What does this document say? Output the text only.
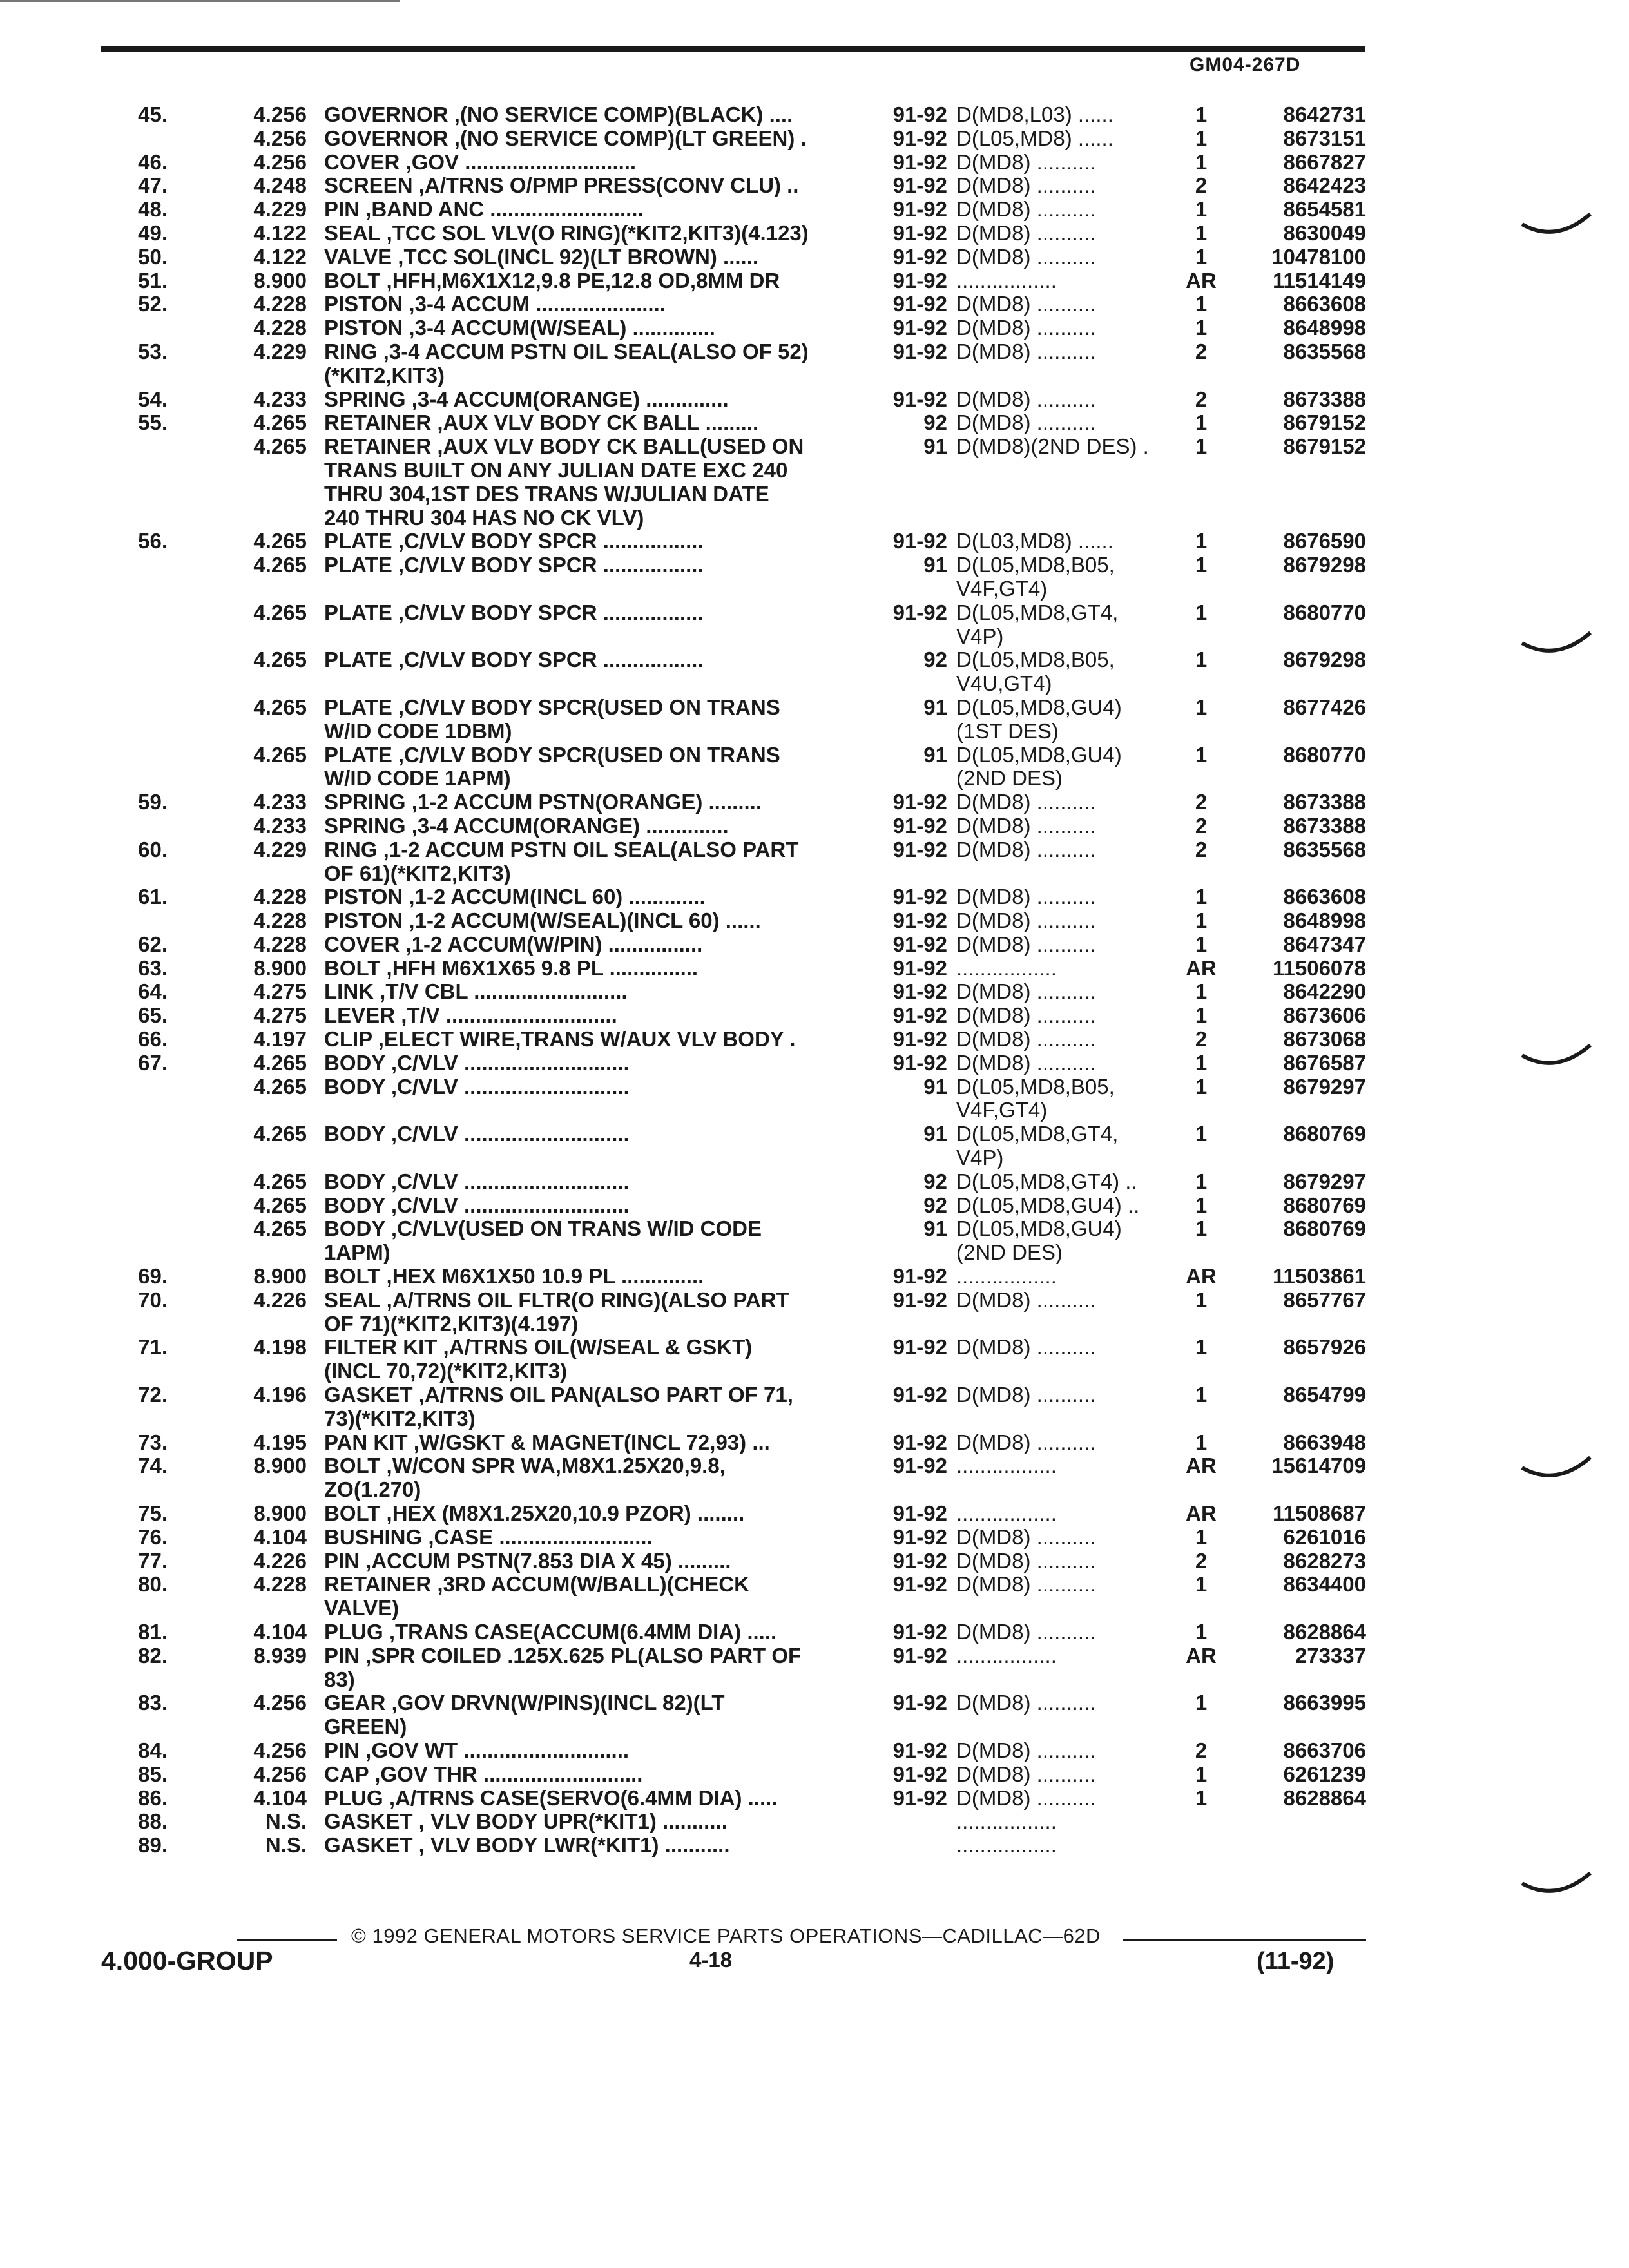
GM04-267D
45.	4.256 GOVERNOR ,(NO SERVICE COMP)(BLACK) ....	91-92 D(MD8,L03) ......	1	8642731
4.256 GOVERNOR ,(NO SERVICE COMP)(LT GREEN) .	91-92 D(L05,MD8) ......	1	8673151
46.	4.256 COVER ,GOV .............................	91-92 D(MD8) ..........	1	8667827
47.	4.248 SCREEN ,A/TRNS O/PMP PRESS(CONV CLU) ..	91-92 D(MD8) ..........	2	8642423
48.	4.229 PIN ,BAND ANC ..........................	91-92 D(MD8) ..........	1	8654581
49.	4.122 SEAL ,TCC SOL VLV(O RING)(*KIT2,KIT3)(4.123)	91-92 D(MD8) ..........	1	8630049
50.	4.122 VALVE ,TCC SOL(INCL 92)(LT BROWN) ......	91-92 D(MD8) ..........	1	10478100
51.	8.900 BOLT ,HFH,M6X1X12,9.8 PE,12.8 OD,8MM DR	91-92 .................	AR	11514149
52.	4.228 PISTON ,3-4 ACCUM ......................	91-92 D(MD8) ..........	1	8663608
4.228 PISTON ,3-4 ACCUM(W/SEAL) ..............	91-92 D(MD8) ..........	1	8648998
53.	4.229 RING ,3-4 ACCUM PSTN OIL SEAL(ALSO OF 52)	91-92 D(MD8) ..........	2	8635568
(*KIT2,KIT3)
54.	4.233 SPRING ,3-4 ACCUM(ORANGE) ..............	91-92 D(MD8) ..........	2	8673388
55.	4.265 RETAINER ,AUX VLV BODY CK BALL .........	92 D(MD8) ..........	1	8679152
4.265 RETAINER ,AUX VLV BODY CK BALL(USED ON	91 D(MD8)(2ND DES) .	1	8679152
TRANS BUILT ON ANY JULIAN DATE EXC 240
THRU 304,1ST DES TRANS W/JULIAN DATE
240 THRU 304 HAS NO CK VLV)
56.	4.265 PLATE ,C/VLV BODY SPCR .................	91-92 D(L03,MD8) ......	1	8676590
4.265 PLATE ,C/VLV BODY SPCR .................	91 D(L05,MD8,B05,	1	8679298
V4F,GT4)
4.265 PLATE ,C/VLV BODY SPCR .................	91-92 D(L05,MD8,GT4,	1	8680770
V4P)
4.265 PLATE ,C/VLV BODY SPCR .................	92 D(L05,MD8,B05,	1	8679298
V4U,GT4)
4.265 PLATE ,C/VLV BODY SPCR(USED ON TRANS	91 D(L05,MD8,GU4)	1	8677426
W/ID CODE 1DBM)	(1ST DES)
4.265 PLATE ,C/VLV BODY SPCR(USED ON TRANS	91 D(L05,MD8,GU4)	1	8680770
W/ID CODE 1APM)	(2ND DES)
59.	4.233 SPRING ,1-2 ACCUM PSTN(ORANGE) .........	91-92 D(MD8) ..........	2	8673388
4.233 SPRING ,3-4 ACCUM(ORANGE) ..............	91-92 D(MD8) ..........	2	8673388
60.	4.229 RING ,1-2 ACCUM PSTN OIL SEAL(ALSO PART	91-92 D(MD8) ..........	2	8635568
OF 61)(*KIT2,KIT3)
61.	4.228 PISTON ,1-2 ACCUM(INCL 60) .............	91-92 D(MD8) ..........	1	8663608
4.228 PISTON ,1-2 ACCUM(W/SEAL)(INCL 60) ......	91-92 D(MD8) ..........	1	8648998
62.	4.228 COVER ,1-2 ACCUM(W/PIN) ................	91-92 D(MD8) ..........	1	8647347
63.	8.900 BOLT ,HFH M6X1X65 9.8 PL ...............	91-92 .................	AR	11506078
64.	4.275 LINK ,T/V CBL ..........................	91-92 D(MD8) ..........	1	8642290
65.	4.275 LEVER ,T/V .............................	91-92 D(MD8) ..........	1	8673606
66.	4.197 CLIP ,ELECT WIRE,TRANS W/AUX VLV BODY .	91-92 D(MD8) ..........	2	8673068
67.	4.265 BODY ,C/VLV ............................	91-92 D(MD8) ..........	1	8676587
4.265 BODY ,C/VLV ............................	91 D(L05,MD8,B05,	1	8679297
V4F,GT4)
4.265 BODY ,C/VLV ............................	91 D(L05,MD8,GT4,	1	8680769
V4P)
4.265 BODY ,C/VLV ............................	92 D(L05,MD8,GT4) ..	1	8679297
4.265 BODY ,C/VLV ............................	92 D(L05,MD8,GU4) ..	1	8680769
4.265 BODY ,C/VLV(USED ON TRANS W/ID CODE	91 D(L05,MD8,GU4)	1	8680769
1APM)	(2ND DES)
69.	8.900 BOLT ,HEX M6X1X50 10.9 PL ..............	91-92 .................	AR	11503861
70.	4.226 SEAL ,A/TRNS OIL FLTR(O RING)(ALSO PART	91-92 D(MD8) ..........	1	8657767
OF 71)(*KIT2,KIT3)(4.197)
71.	4.198 FILTER KIT ,A/TRNS OIL(W/SEAL & GSKT)	91-92 D(MD8) ..........	1	8657926
(INCL 70,72)(*KIT2,KIT3)
72.	4.196 GASKET ,A/TRNS OIL PAN(ALSO PART OF 71,	91-92 D(MD8) ..........	1	8654799
73)(*KIT2,KIT3)
73.	4.195 PAN KIT ,W/GSKT & MAGNET(INCL 72,93) ...	91-92 D(MD8) ..........	1	8663948
74.	8.900 BOLT ,W/CON SPR WA,M8X1.25X20,9.8,	91-92 .................	AR	15614709
ZO(1.270)
75.	8.900 BOLT ,HEX (M8X1.25X20,10.9 PZOR) ........	91-92 .................	AR	11508687
76.	4.104 BUSHING ,CASE ..........................	91-92 D(MD8) ..........	1	6261016
77.	4.226 PIN ,ACCUM PSTN(7.853 DIA X 45) .........	91-92 D(MD8) ..........	2	8628273
80.	4.228 RETAINER ,3RD ACCUM(W/BALL)(CHECK	91-92 D(MD8) ..........	1	8634400
VALVE)
81.	4.104 PLUG ,TRANS CASE(ACCUM(6.4MM DIA) .....	91-92 D(MD8) ..........	1	8628864
82.	8.939 PIN ,SPR COILED .125X.625 PL(ALSO PART OF	91-92 .................	AR	273337
83)
83.	4.256 GEAR ,GOV DRVN(W/PINS)(INCL 82)(LT	91-92 D(MD8) ..........	1	8663995
GREEN)
84.	4.256 PIN ,GOV WT ............................	91-92 D(MD8) ..........	2	8663706
85.	4.256 CAP ,GOV THR ...........................	91-92 D(MD8) ..........	1	6261239
86.	4.104 PLUG ,A/TRNS CASE(SERVO(6.4MM DIA) .....	91-92 D(MD8) ..........	1	8628864
88.	N.S. GASKET , VLV BODY UPR(*KIT1) ...........	.................
89.	N.S. GASKET , VLV BODY LWR(*KIT1) ...........	.................
© 1992 GENERAL MOTORS SERVICE PARTS OPERATIONS—CADILLAC—62D
4.000-GROUP	4-18	(11-92)
